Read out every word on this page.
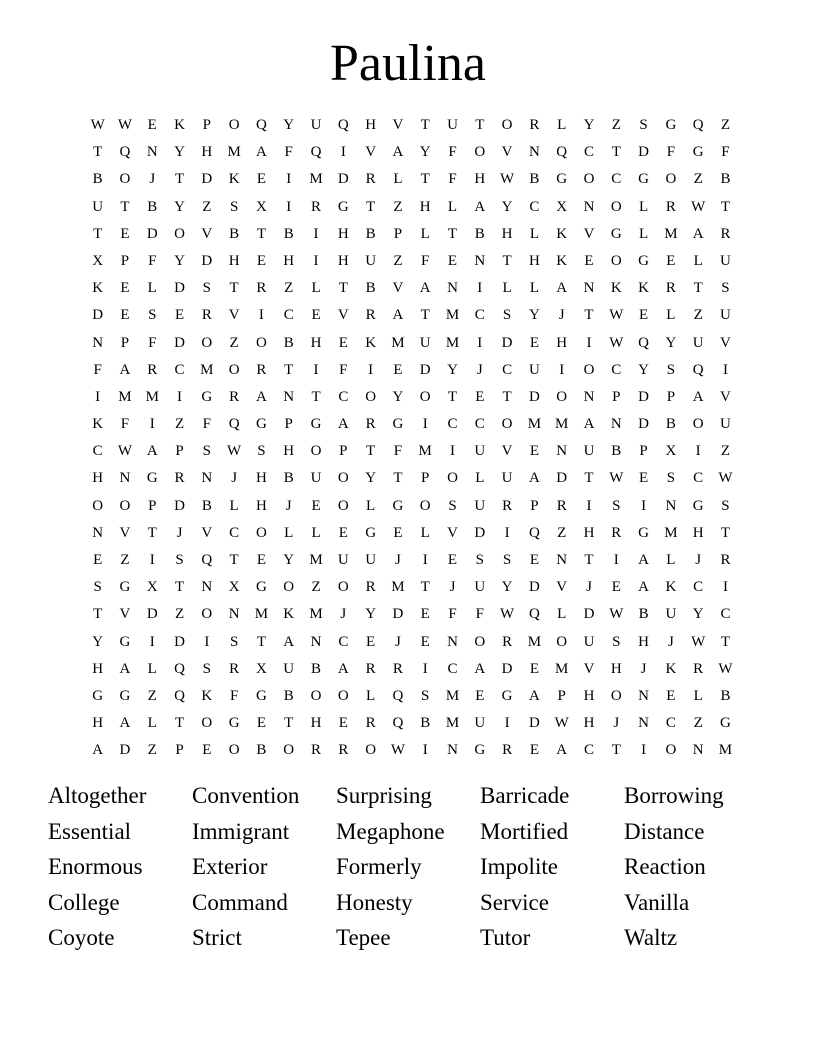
Paulina
W W	E	K	P	O	Q	Y	U	Q	H	V	T	U	T	O	R	L	Y	Z	S	G	Q	Z
T	Q	N	Y	H	M	A	F	Q	I	V	A	Y	F	O	V	N	Q	C	T	D	F	G	F
B	O	J	T	D	K	E	I	M	D	R	L	T	F	H W	B	G	O	C	G	O	Z	B
U	T	B	Y	Z	S	X	I	R	G	T	Z	H	L	A	Y	C	X	N	O	L	R	W	T
T	E	D	O	V	B	T	B	I	H	B	P	L	T	B	H	L	K	V	G	L	M	A	R
X	P	F	Y	D	H	E	H	I	H	U	Z	F	E	N	T	H	K	E	O	G	E	L	U
K	E	L	D	S	T	R	Z	L	T	B	V	A	N	I	L	L	A	N	K	K	R	T	S
D	E	S	E	R	V	I	C	E	V	R	A	T	M	C	S	Y	J	T	W	E	L	Z	U
N	P	F	D	O	Z	O	B	H	E	K	M	U	M	I	D	E	H	I	W Q	Y	U	V
F	A	R	C	M	O	R	T	I	F	I	E	D	Y	J	C	U	I	O	C	Y	S	Q	I
I	M M	I	G	R	A	N	T	C	O	Y	O	T	E	T	D	O	N	P	D	P	A	V
K	F	I	Z	F	Q	G	P	G	A	R	G	I	C	C	O	M M	A	N	D	B	O	U
C	W A	P	S	W	S	H	O	P	T	F	M	I	U	V	E	N	U	B	P	X	I	Z
H	N	G	R	N	J	H	B	U	O	Y	T	P	O	L	U	A	D	T	W	E	S	C	W
O	O	P	D	B	L	H	J	E	O	L	G	O	S	U	R	P	R	I	S	I	N	G	S
N	V	T	J	V	C	O	L	L	E	G	E	L	V	D	I	Q	Z	H	R	G	M	H	T
E	Z	I	S	Q	T	E	Y	M	U	U	J	I	E	S	S	E	N	T	I	A	L	J	R
S	G	X	T	N	X	G	O	Z	O	R	M	T	J	U	Y	D	V	J	E	A	K	C	I
T	V	D	Z	O	N	M	K	M	J	Y	D	E	F	F	W Q	L	D W	B	U	Y	C
Y	G	I	D	I	S	T	A	N	C	E	J	E	N	O	R	M	O	U	S	H	J	W	T
H	A	L	Q	S	R	X	U	B	A	R	R	I	C	A	D	E	M	V	H	J	K	R	W
G	G	Z	Q	K	F	G	B	O	O	L	Q	S	M	E	G	A	P	H	O	N	E	L	B
H	A	L	T	O	G	E	T	H	E	R	Q	B	M	U	I	D W H	J	N	C	Z	G
A	D	Z	P	E	O	B	O	R	R	O W	I	N	G	R	E	A	C	T	I	O	N	M
Altogether	Convention	Surprising	Barricade	Borrowing
Essential	Immigrant	Megaphone	Mortified	Distance
Enormous	Exterior	Formerly	Impolite	Reaction
College	Command	Honesty	Service	Vanilla
Coyote	Strict	Tepee	Tutor	Waltz
